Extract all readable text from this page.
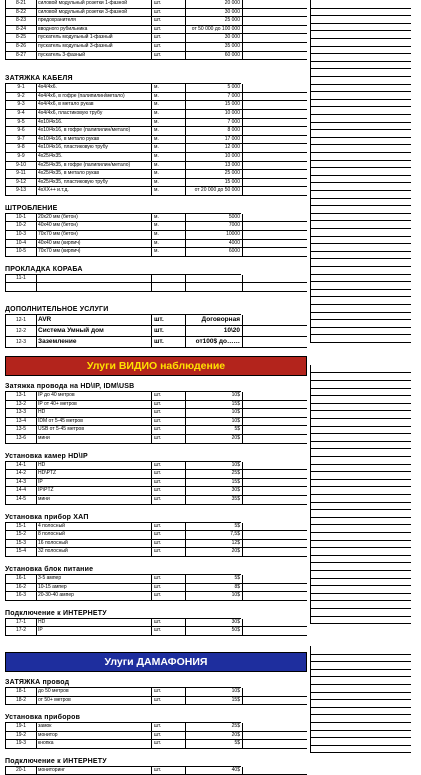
8-21	силовой модульный розетки 1-фазной	шт.	20 000
8-22	силовой модульный розетки 3-фазной	шт.	30 000
8-23	предохранителя	шт.	25 000
8-24	вводного рубильника	шт.	от 50 000 до 100 000
8-25	пускатель модульный 1-фазный	шт.	30 000
8-26	пускатель модульный 3-фазный	шт.	35 000
8-27	пускатель 3-фазный	шт.	60 000
ЗАТЯЖКА КАБЕЛЯ
9-1	4х4/4х6.	м.	5 000
9-2	4х4/4х6, в гофре (палипилин/метало)	м.	7 000
9-3	4х4/4х6, в метало рукав	м.	15 000
9-4	4х4/4х6, пластиковую трубу	м.	10 000
9-5	4х10/4х16.	м.	7 000
9-6	4х10/4х16, в гофре (палипилин/метало)	м.	8 000
9-7	4х10/4х16, в метало рукав	м.	17 000
9-8	4х10/4х16, пластиковую трубу	м.	12 000
9-9	4х25/4х35.	м.	10 000
9-10	4х25/4х35, в гофре (палипилин/метало)	м.	13 000
9-11	4х25/4х35, в метало рукав	м.	25 000
9-12	4х25/4х35, пластиковую трубу	м.	15 000
9-13	4хXX++ и.т.д.	м.	от 20 000 до 50 000
ШТРОБЛЕНИЕ
10-1	20х20 мм (бетон)	м.	5000
10-2	40х40 мм (бетон)	м.	7000
10-3	70х70 мм (бетон)	м.	10000
10-4	40х40 мм (кирпич)	м.	4000
10-5	70х70 мм (кирпич)	м.	6000
ПРОКЛАДКА КОРАБА
11-1
ДОПОЛНИТЕЛЬНОЕ УСЛУГИ
12-1	AVR	шт.	Договорная
12-2	Система Умный дом	шт.	10\20
12-3	Заземление	шт.	от100$ до……
Улуги ВИДИО наблюдение
Затяжка провода на HD\IP, IDM\USB
13-1	IP до 40 метров	шт.	10$
13-2	IP от 40+ метров	шт.	15$
13-3	HD	шт.	10$
13-4	IDM от 5-45 метров	шт.	10$
13-5	USB от 5-45 метров	шт.	5$
13-6	мини	шт.	20$
Установка камер HD\IP
14-1	HD	шт.	10$
14-2	HD\PTZ	шт.	25$
14-3	IP	шт.	15$
14-4	IP\PTZ	шт.	30$
14-5	мини	шт.	35$
Установка прибор ХАП
15-1	4 полосный	шт.	5$
15-2	8 полосный	шт.	7,5$
15-3	16 полосный	шт.	12$
15-4	32 полосный	шт.	20$
Установка блок питание
16-1	3-5 ампер	шт.	5$
16-2	10-15 ампер	шт.	8$
16-3	20-30-40 ампер	шт.	10$
Подключение к ИНТЕРНЕТУ
17-1	HD	шт.	30$
17-2	IP	шт.	50$
Улуги ДАМАФОНИЯ
ЗАТЯЖКА провод
18-1	до 50 метров	шт.	10$
18-2	от 50+ метров	шт.	15$
Установка приборов
19-1	замок	шт.	25$
19-2	монитор	шт.	20$
19-3	кнопка	шт.	5$
Подключение к ИНТЕРНЕТУ
20-1	мониторинг	шт.	40$
